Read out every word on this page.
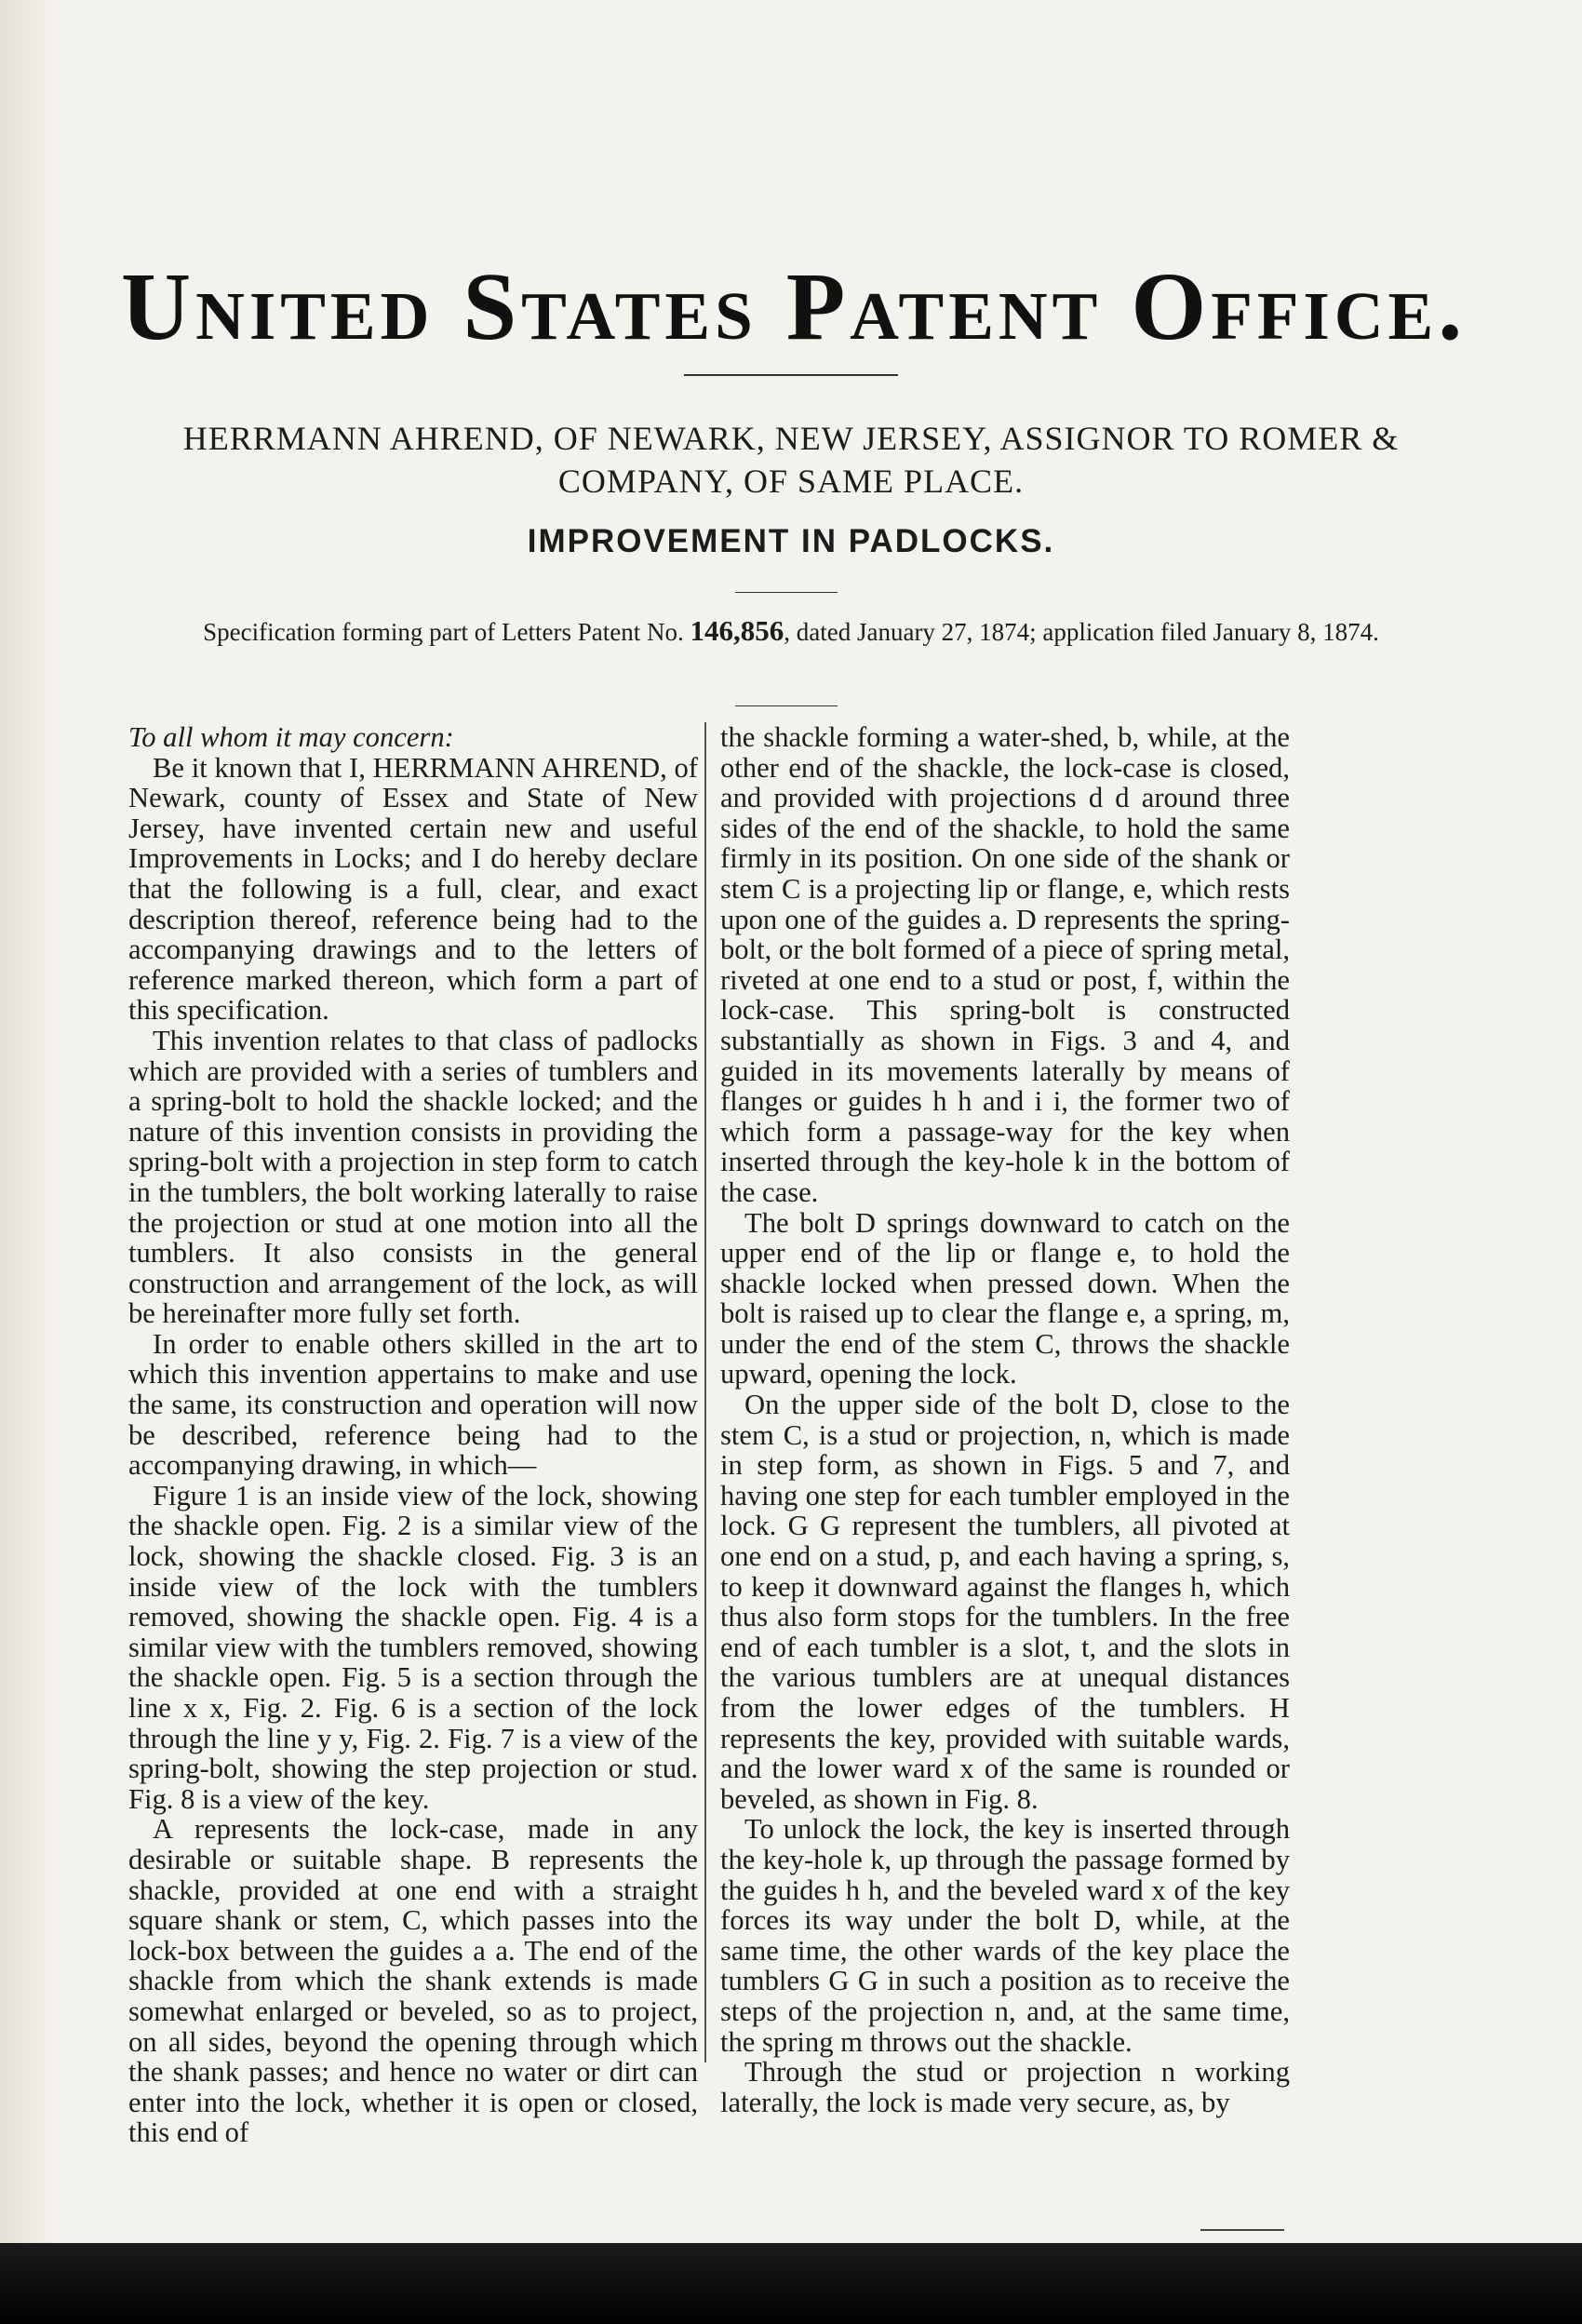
United States Patent Office.
HERRMANN AHREND, OF NEWARK, NEW JERSEY, ASSIGNOR TO ROMER & COMPANY, OF SAME PLACE.
IMPROVEMENT IN PADLOCKS.
Specification forming part of Letters Patent No. 146,856, dated January 27, 1874; application filed January 8, 1874.

To all whom it may concern:

Be it known that I, HERRMANN AHREND, of Newark, county of Essex and State of New Jersey, have invented certain new and useful Improvements in Locks; and I do hereby declare that the following is a full, clear, and exact description thereof, reference being had to the accompanying drawings and to the letters of reference marked thereon, which form a part of this specification.

This invention relates to that class of padlocks which are provided with a series of tumblers and a spring-bolt to hold the shackle locked; and the nature of this invention consists in providing the spring-bolt with a projection in step form to catch in the tumblers, the bolt working laterally to raise the projection or stud at one motion into all the tumblers. It also consists in the general construction and arrangement of the lock, as will be hereinafter more fully set forth.

In order to enable others skilled in the art to which this invention appertains to make and use the same, its construction and operation will now be described, reference being had to the accompanying drawing, in which—

Figure 1 is an inside view of the lock, showing the shackle open. Fig. 2 is a similar view of the lock, showing the shackle closed. Fig. 3 is an inside view of the lock with the tumblers removed, showing the shackle open. Fig. 4 is a similar view with the tumblers removed, showing the shackle open. Fig. 5 is a section through the line x x, Fig. 2. Fig. 6 is a section of the lock through the line y y, Fig. 2. Fig. 7 is a view of the spring-bolt, showing the step projection or stud. Fig. 8 is a view of the key.

A represents the lock-case, made in any desirable or suitable shape. B represents the shackle, provided at one end with a straight square shank or stem, C, which passes into the lock-box between the guides a a. The end of the shackle from which the shank extends is made somewhat enlarged or beveled, so as to project, on all sides, beyond the opening through which the shank passes; and hence no water or dirt can enter into the lock, whether it is open or closed, this end of

the shackle forming a water-shed, b, while, at the other end of the shackle, the lock-case is closed, and provided with projections d d around three sides of the end of the shackle, to hold the same firmly in its position. On one side of the shank or stem C is a projecting lip or flange, e, which rests upon one of the guides a. D represents the spring-bolt, or the bolt formed of a piece of spring metal, riveted at one end to a stud or post, f, within the lock-case. This spring-bolt is constructed substantially as shown in Figs. 3 and 4, and guided in its movements laterally by means of flanges or guides h h and i i, the former two of which form a passage-way for the key when inserted through the key-hole k in the bottom of the case.

The bolt D springs downward to catch on the upper end of the lip or flange e, to hold the shackle locked when pressed down. When the bolt is raised up to clear the flange e, a spring, m, under the end of the stem C, throws the shackle upward, opening the lock.

On the upper side of the bolt D, close to the stem C, is a stud or projection, n, which is made in step form, as shown in Figs. 5 and 7, and having one step for each tumbler employed in the lock. G G represent the tumblers, all pivoted at one end on a stud, p, and each having a spring, s, to keep it downward against the flanges h, which thus also form stops for the tumblers. In the free end of each tumbler is a slot, t, and the slots in the various tumblers are at unequal distances from the lower edges of the tumblers. H represents the key, provided with suitable wards, and the lower ward x of the same is rounded or beveled, as shown in Fig. 8.

To unlock the lock, the key is inserted through the key-hole k, up through the passage formed by the guides h h, and the beveled ward x of the key forces its way under the bolt D, while, at the same time, the other wards of the key place the tumblers G G in such a position as to receive the steps of the projection n, and, at the same time, the spring m throws out the shackle.

Through the stud or projection n working laterally, the lock is made very secure, as, by
